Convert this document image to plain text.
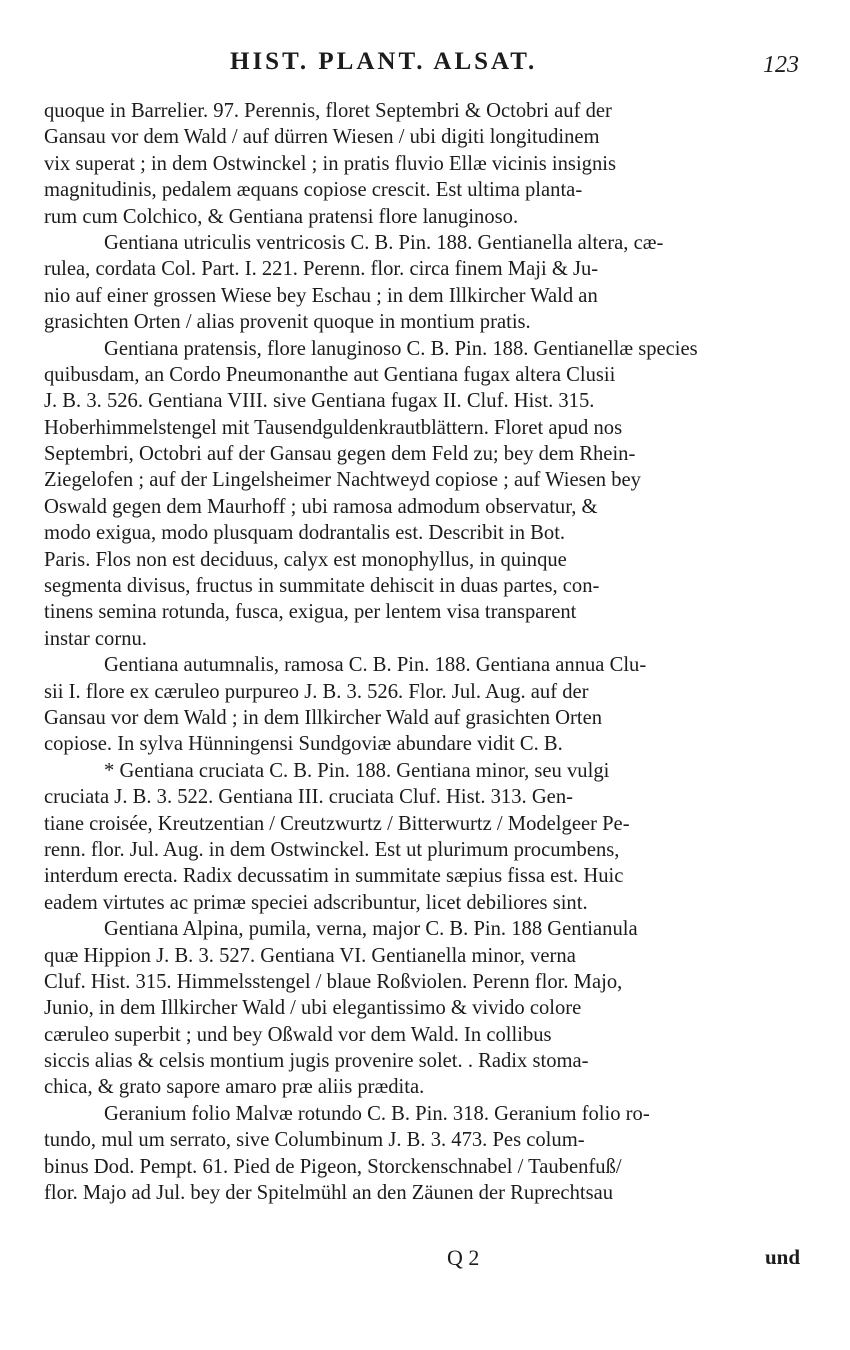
HIST. PLANT. ALSAT.	123
quoque in Barrelier. 97. Perennis, floret Septembri & Octobri auf der
Gansau vor dem Wald / auf dürren Wiesen / ubi digiti longitudinem
vix superat ; in dem Ostwinckel ; in pratis fluvio Ellæ vicinis insignis
magnitudinis, pedalem æquans copiose crescit. Est ultima planta-
rum cum Colchico, & Gentiana pratensi flore lanuginoso.
Gentiana utriculis ventricosis C. B. Pin. 188. Gentianella altera, cæ-
rulea, cordata Col. Part. I. 221. Perenn. flor. circa finem Maji & Ju-
nio auf einer grossen Wiese bey Eschau ; in dem Illkircher Wald an
grasichten Orten / alias provenit quoque in montium pratis.
Gentiana pratensis, flore lanuginoso C. B. Pin. 188. Gentianellæ species
quibusdam, an Cordo Pneumonanthe aut Gentiana fugax altera Clusii
J. B. 3. 526. Gentiana VIII. sive Gentiana fugax II. Cluf. Hist. 315.
Hoberhimmelstengel mit Tausendguldenkrautblättern. Floret apud nos
Septembri, Octobri auf der Gansau gegen dem Feld zu; bey dem Rhein-
Ziegelofen ; auf der Lingelsheimer Nachtweyd copiose ; auf Wiesen bey
Oswald gegen dem Maurhoff ; ubi ramosa admodum observatur, &
modo exigua, modo plusquam dodrantalis est. Describit in Bot.
Paris. Flos non est deciduus, calyx est monophyllus, in quinque
segmenta divisus, fructus in summitate dehiscit in duas partes, con-
tinens semina rotunda, fusca, exigua, per lentem visa transparent
instar cornu.
Gentiana autumnalis, ramosa C. B. Pin. 188. Gentiana annua Clu-
sii I. flore ex cæruleo purpureo J. B. 3. 526. Flor. Jul. Aug. auf der
Gansau vor dem Wald ; in dem Illkircher Wald auf grasichten Orten
copiose. In sylva Hünningensi Sundgoviæ abundare vidit C. B.
* Gentiana cruciata C. B. Pin. 188. Gentiana minor, seu vulgi
cruciata J. B. 3. 522. Gentiana III. cruciata Cluf. Hist. 313. Gen-
tiane croisée, Kreutzentian / Creutzwurtz / Bitterwurtz / Modelgeer Pe-
renn. flor. Jul. Aug. in dem Ostwinckel. Est ut plurimum procumbens,
interdum erecta. Radix decussatim in summitate sæpius fissa est. Huic
eadem virtutes ac primæ speciei adscribuntur, licet debiliores sint.
Gentiana Alpina, pumila, verna, major C. B. Pin. 188 Gentianula
quæ Hippion J. B. 3. 527. Gentiana VI. Gentianella minor, verna
Cluf. Hist. 315. Himmelsstengel / blaue Roßviolen. Perenn flor. Majo,
Junio, in dem Illkircher Wald / ubi elegantissimo & vivido colore
cæruleo superbit ; und bey Oßwald vor dem Wald. In collibus
siccis alias & celsis montium jugis provenire solet. . Radix stoma-
chica, & grato sapore amaro præ aliis prædita.
Geranium folio Malvæ rotundo C. B. Pin. 318. Geranium folio ro-
tundo, mul um serrato, sive Columbinum J. B. 3. 473. Pes colum-
binus Dod. Pempt. 61. Pied de Pigeon, Storckenschnabel / Taubenfuß/
flor. Majo ad Jul. bey der Spitelmühl an den Zäunen der Ruprechtsau
Q 2	und
